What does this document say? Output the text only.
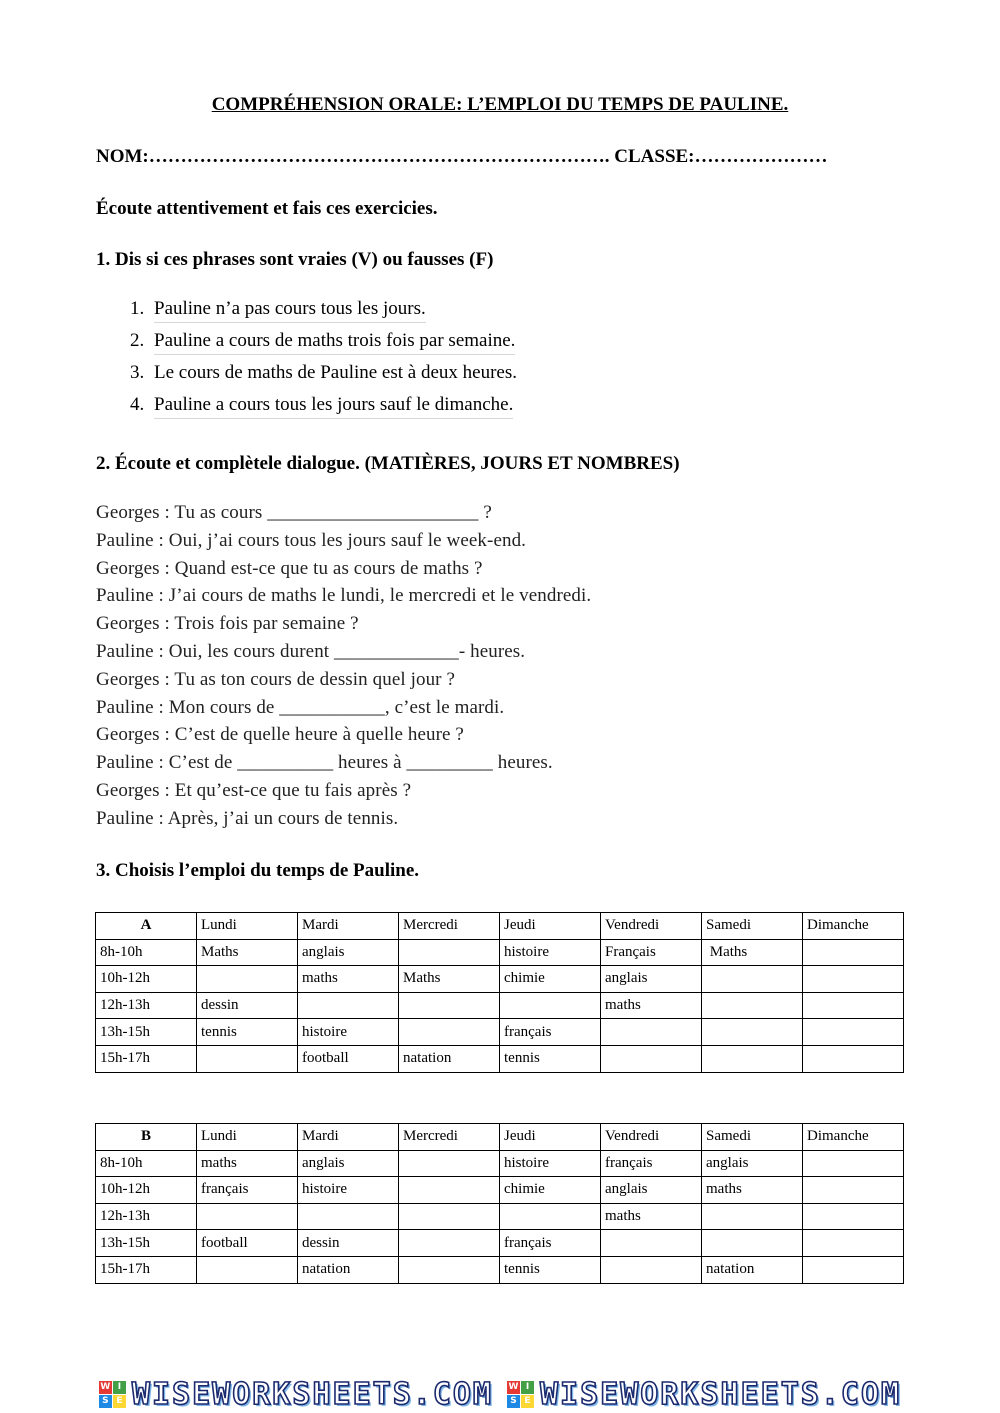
COMPRÉHENSION ORALE: L’EMPLOI DU TEMPS DE PAULINE.
NOM:………………………………………………………………. CLASSE:…………………
Écoute attentivement et fais ces exercicies.
1. Dis si ces phrases sont vraies (V) ou fausses (F)
1. Pauline n’a pas cours tous les jours.
2. Pauline a cours de maths trois fois par semaine.
3. Le cours de maths de Pauline est à deux heures.
4. Pauline a cours tous les jours sauf le dimanche.
2. Écoute et complètele dialogue. (MATIÈRES, JOURS ET NOMBRES)
Georges : Tu as cours ______________________ ?
Pauline : Oui, j’ai cours tous les jours sauf le week-end.
Georges : Quand est-ce que tu as cours de maths ?
Pauline : J’ai cours de maths le lundi, le mercredi et le vendredi.
Georges : Trois fois par semaine ?
Pauline : Oui, les cours durent _____________- heures.
Georges : Tu as ton cours de dessin quel jour ?
Pauline : Mon cours de ___________, c’est le mardi.
Georges : C’est de quelle heure à quelle heure ?
Pauline : C’est de __________ heures à _________ heures.
Georges : Et qu’est-ce que tu fais après ?
Pauline : Après, j’ai un cours de tennis.
3. Choisis l’emploi du temps de Pauline.
A	Lundi	Mardi	Mercredi	Jeudi	Vendredi	Samedi	Dimanche
8h-10h	Maths	anglais		histoire	Français	Maths	
10h-12h		maths	Maths	chimie	anglais		
12h-13h	dessin				maths		
13h-15h	tennis	histoire		français			
15h-17h		football	natation	tennis			
B	Lundi	Mardi	Mercredi	Jeudi	Vendredi	Samedi	Dimanche
8h-10h	maths	anglais		histoire	français	anglais	
10h-12h	français	histoire		chimie	anglais	maths	
12h-13h					maths		
13h-15h	football	dessin		français			
15h-17h		natation		tennis		natation	
W I
S E WISEWORKSHEETS.COM W I
S E WISEWORKSHEETS.COM
